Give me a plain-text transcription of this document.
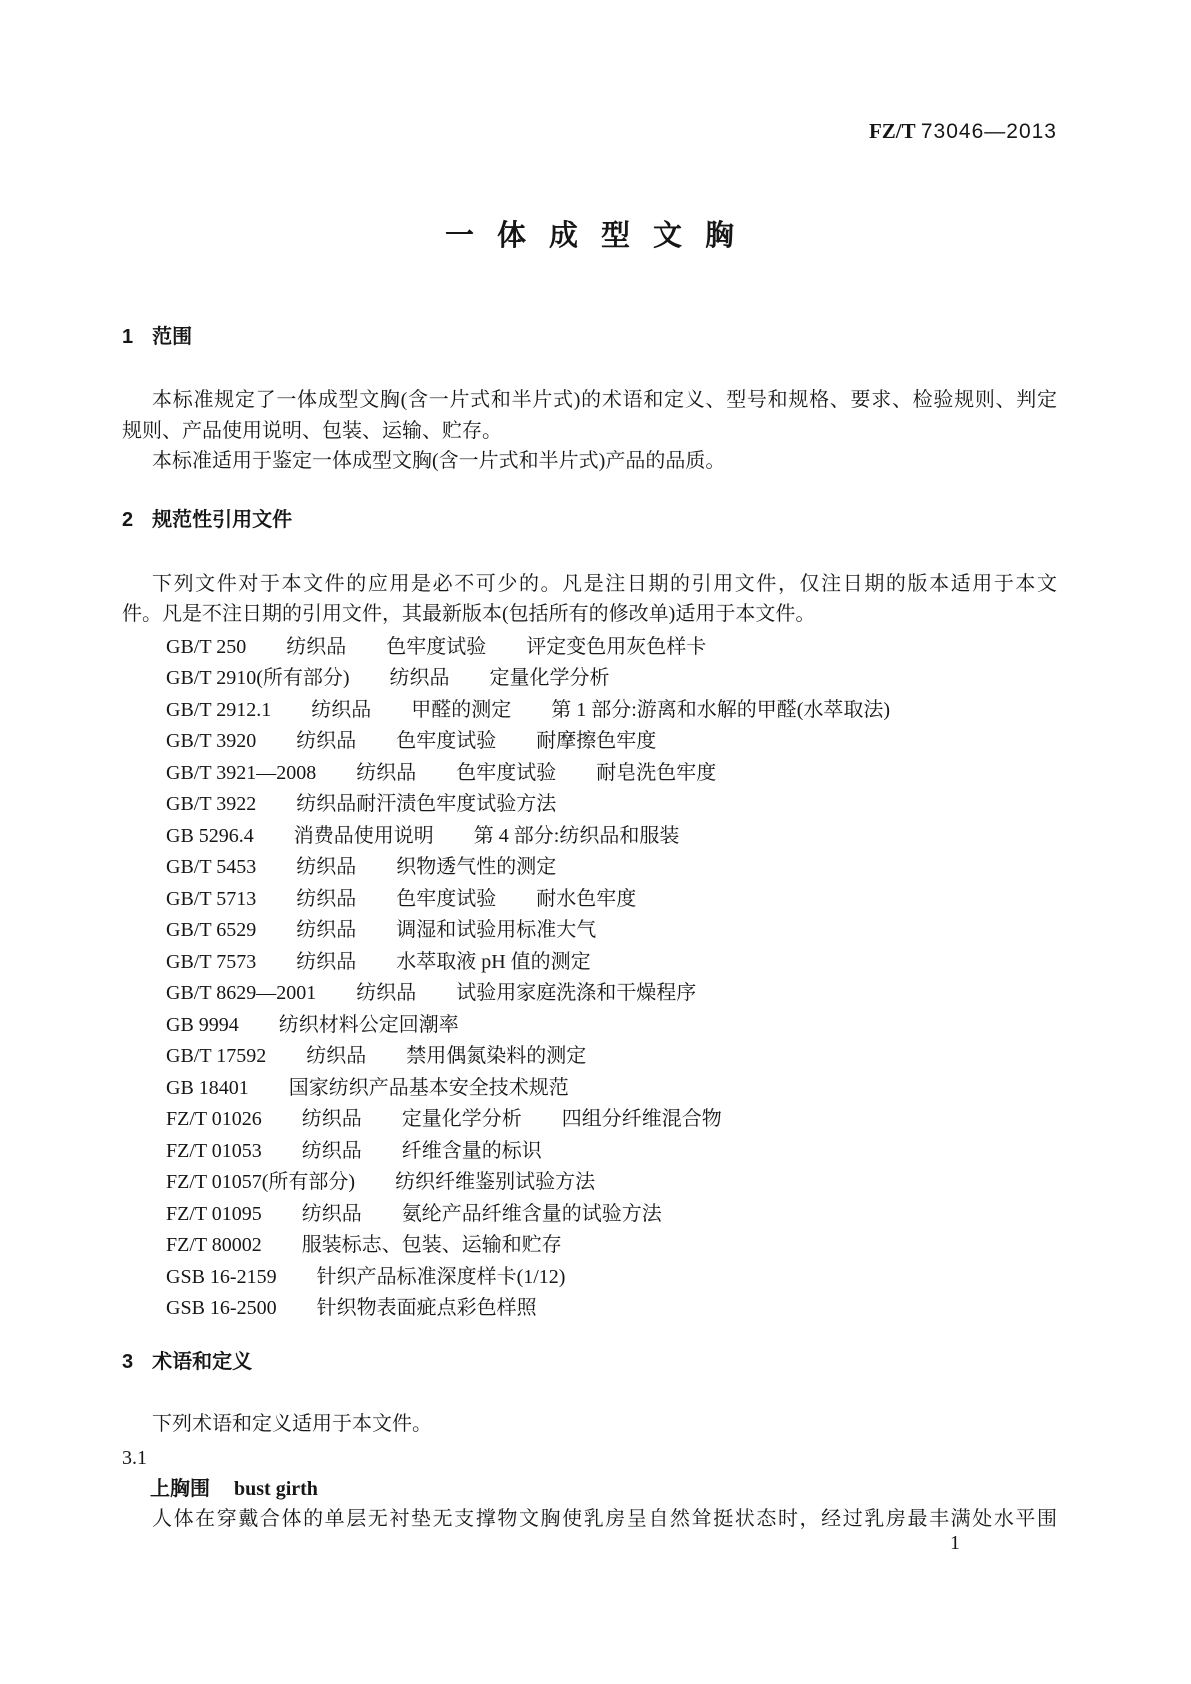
FZ/T 73046—2013
一体成型文胸
1 范围
本标准规定了一体成型文胸(含一片式和半片式)的术语和定义、型号和规格、要求、检验规则、判定
规则、产品使用说明、包装、运输、贮存。
本标准适用于鉴定一体成型文胸(含一片式和半片式)产品的品质。
2 规范性引用文件
下列文件对于本文件的应用是必不可少的。凡是注日期的引用文件，仅注日期的版本适用于本文
件。凡是不注日期的引用文件，其最新版本(包括所有的修改单)适用于本文件。
GB/T 250　　纺织品　　色牢度试验　　评定变色用灰色样卡
GB/T 2910(所有部分)　　纺织品　　定量化学分析
GB/T 2912.1　　纺织品　　甲醛的测定　　第 1 部分:游离和水解的甲醛(水萃取法)
GB/T 3920　　纺织品　　色牢度试验　　耐摩擦色牢度
GB/T 3921—2008　　纺织品　　色牢度试验　　耐皂洗色牢度
GB/T 3922　　纺织品耐汗渍色牢度试验方法
GB 5296.4　　消费品使用说明　　第 4 部分:纺织品和服装
GB/T 5453　　纺织品　　织物透气性的测定
GB/T 5713　　纺织品　　色牢度试验　　耐水色牢度
GB/T 6529　　纺织品　　调湿和试验用标准大气
GB/T 7573　　纺织品　　水萃取液 pH 值的测定
GB/T 8629—2001　　纺织品　　试验用家庭洗涤和干燥程序
GB 9994　　纺织材料公定回潮率
GB/T 17592　　纺织品　　禁用偶氮染料的测定
GB 18401　　国家纺织产品基本安全技术规范
FZ/T 01026　　纺织品　　定量化学分析　　四组分纤维混合物
FZ/T 01053　　纺织品　　纤维含量的标识
FZ/T 01057(所有部分)　　纺织纤维鉴别试验方法
FZ/T 01095　　纺织品　　氨纶产品纤维含量的试验方法
FZ/T 80002　　服装标志、包装、运输和贮存
GSB 16-2159　　针织产品标准深度样卡(1/12)
GSB 16-2500　　针织物表面疵点彩色样照
3 术语和定义
下列术语和定义适用于本文件。
3.1
上胸围 bust girth
人体在穿戴合体的单层无衬垫无支撑物文胸使乳房呈自然耸挺状态时，经过乳房最丰满处水平围
1
